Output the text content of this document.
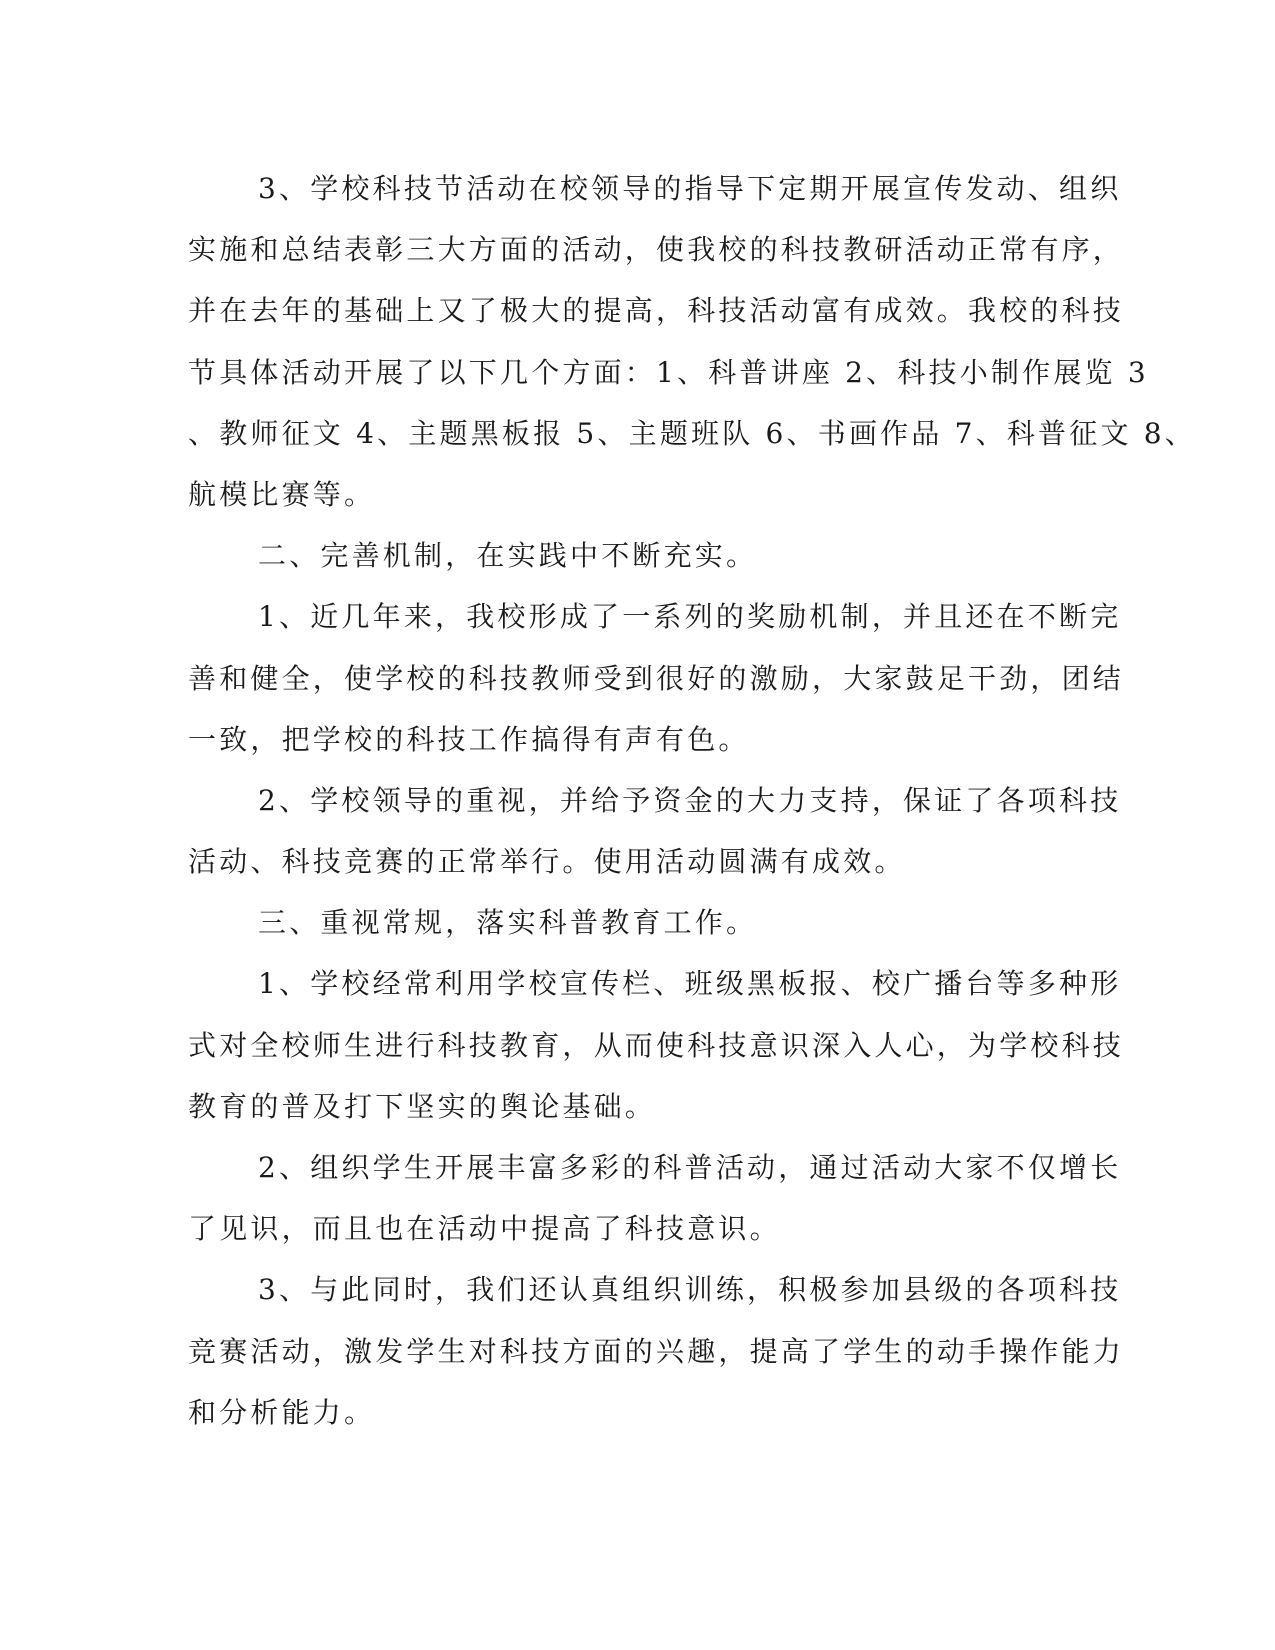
3、学校科技节活动在校领导的指导下定期开展宣传发动、组织
实施和总结表彰三大方面的活动，使我校的科技教研活动正常有序，
并在去年的基础上又了极大的提高，科技活动富有成效。我校的科技
节具体活动开展了以下几个方面：1、科普讲座 2、科技小制作展览 3
、教师征文 4、主题黑板报 5、主题班队 6、书画作品 7、科普征文 8、
航模比赛等。
二、完善机制，在实践中不断充实。
1、近几年来，我校形成了一系列的奖励机制，并且还在不断完
善和健全，使学校的科技教师受到很好的激励，大家鼓足干劲，团结
一致，把学校的科技工作搞得有声有色。
2、学校领导的重视，并给予资金的大力支持，保证了各项科技
活动、科技竞赛的正常举行。使用活动圆满有成效。
三、重视常规，落实科普教育工作。
1、学校经常利用学校宣传栏、班级黑板报、校广播台等多种形
式对全校师生进行科技教育，从而使科技意识深入人心，为学校科技
教育的普及打下坚实的舆论基础。
2、组织学生开展丰富多彩的科普活动，通过活动大家不仅增长
了见识，而且也在活动中提高了科技意识。
3、与此同时，我们还认真组织训练，积极参加县级的各项科技
竞赛活动，激发学生对科技方面的兴趣，提高了学生的动手操作能力
和分析能力。
